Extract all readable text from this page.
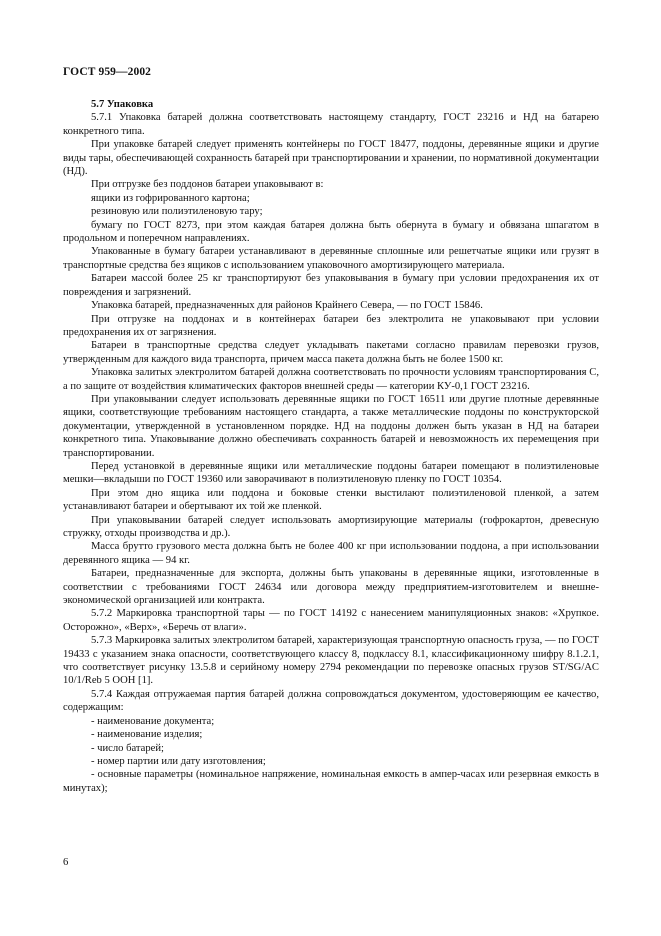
ГОСТ 959—2002

5.7 Упаковка

5.7.1 Упаковка батарей должна соответствовать настоящему стандарту, ГОСТ 23216 и НД на батарею конкретного типа.

При упаковке батарей следует применять контейнеры по ГОСТ 18477, поддоны, деревянные ящики и другие виды тары, обеспечивающей сохранность батарей при транспортировании и хранении, по нормативной документации (НД).

При отгрузке без поддонов батареи упаковывают в:

ящики из гофрированного картона;

резиновую или полиэтиленовую тару;

бумагу по ГОСТ 8273, при этом каждая батарея должна быть обернута в бумагу и обвязана шпагатом в продольном и поперечном направлениях.

Упакованные в бумагу батареи устанавливают в деревянные сплошные или решетчатые ящики или грузят в транспортные средства без ящиков с использованием упаковочного амортизирующего материала.

Батареи массой более 25 кг транспортируют без упаковывания в бумагу при условии предохранения их от повреждения и загрязнений.

Упаковка батарей, предназначенных для районов Крайнего Севера, — по ГОСТ 15846.

При отгрузке на поддонах и в контейнерах батареи без электролита не упаковывают при условии предохранения их от загрязнения.

Батареи в транспортные средства следует укладывать пакетами согласно правилам перевозки грузов, утвержденным для каждого вида транспорта, причем масса пакета должна быть не более 1500 кг.

Упаковка залитых электролитом батарей должна соответствовать по прочности условиям транспортирования С, а по защите от воздействия климатических факторов внешней среды — категории КУ-0,1 ГОСТ 23216.

При упаковывании следует использовать деревянные ящики по ГОСТ 16511 или другие плотные деревянные ящики, соответствующие требованиям настоящего стандарта, а также металлические поддоны по конструкторской документации, утвержденной в установленном порядке. НД на поддоны должен быть указан в НД на батареи конкретного типа. Упаковывание должно обеспечивать сохранность батарей и невозможность их перемещения при транспортировании.

Перед установкой в деревянные ящики или металлические поддоны батареи помещают в полиэтиленовые мешки—вкладыши по ГОСТ 19360 или заворачивают в полиэтиленовую пленку по ГОСТ 10354.

При этом дно ящика или поддона и боковые стенки выстилают полиэтиленовой пленкой, а затем устанавливают батареи и обертывают их той же пленкой.

При упаковывании батарей следует использовать амортизирующие материалы (гофрокартон, древесную стружку, отходы производства и др.).

Масса брутто грузового места должна быть не более 400 кг при использовании поддона, а при использовании деревянного ящика — 94 кг.

Батареи, предназначенные для экспорта, должны быть упакованы в деревянные ящики, изготовленные в соответствии с требованиями ГОСТ 24634 или договора между предприятием-изготовителем и внешне-экономической организацией или контракта.

5.7.2 Маркировка транспортной тары — по ГОСТ 14192 с нанесением манипуляционных знаков: «Хрупкое. Осторожно», «Верх», «Беречь от влаги».

5.7.3 Маркировка залитых электролитом батарей, характеризующая транспортную опасность груза, — по ГОСТ 19433 с указанием знака опасности, соответствующего классу 8, подклассу 8.1, классификационному шифру 8.1.2.1, что соответствует рисунку 13.5.8 и серийному номеру 2794 рекомендации по перевозке опасных грузов ST/SG/AC 10/1/Reb 5 ООН [1].

5.7.4 Каждая отгружаемая партия батарей должна сопровождаться документом, удостоверяющим ее качество, содержащим:

- наименование документа;

- наименование изделия;

- число батарей;

- номер партии или дату изготовления;

- основные параметры (номинальное напряжение, номинальная емкость в ампер-часах или резервная емкость в минутах);

6
